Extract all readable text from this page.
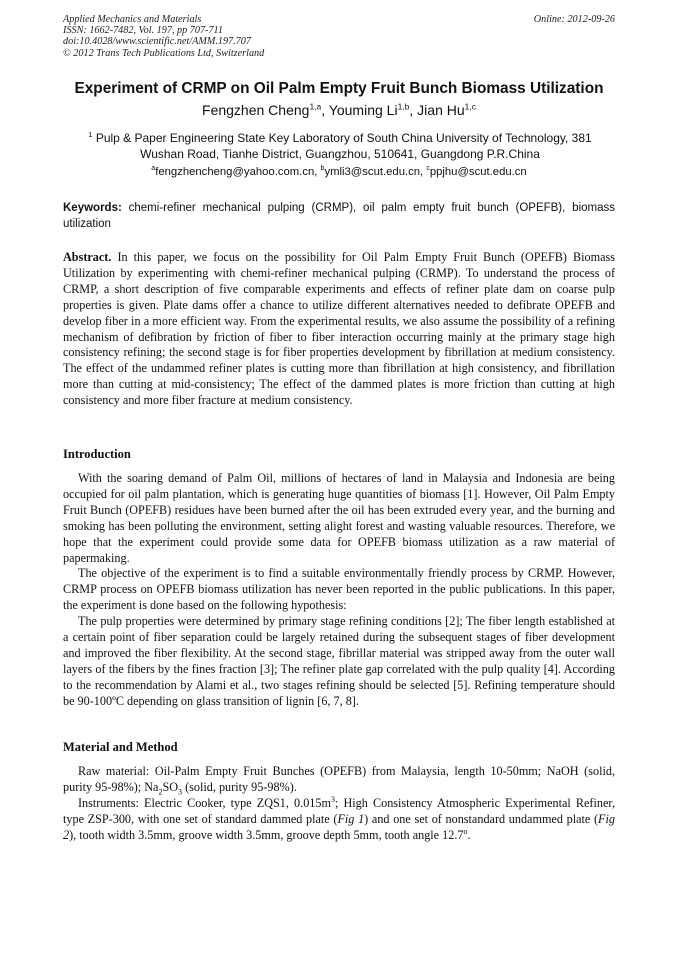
Applied Mechanics and Materials
ISSN: 1662-7482, Vol. 197, pp 707-711
doi:10.4028/www.scientific.net/AMM.197.707
© 2012 Trans Tech Publications Ltd, Switzerland
Online: 2012-09-26
Experiment of CRMP on Oil Palm Empty Fruit Bunch Biomass Utilization
Fengzhen Cheng$^{1,a}$, Youming Li$^{1,b}$, Jian Hu$^{1,c}$
$^1$ Pulp & Paper Engineering State Key Laboratory of South China University of Technology, 381
Wushan Road, Tianhe District, Guangzhou, 510641, Guangdong P.R.China
$^a$fengzhencheng@yahoo.com.cn, $^b$ymli3@scut.edu.cn, $^c$ppjhu@scut.edu.cn
Keywords: chemi-refiner mechanical pulping (CRMP), oil palm empty fruit bunch (OPEFB), biomass utilization

Abstract. In this paper, we focus on the possibility for Oil Palm Empty Fruit Bunch (OPEFB) Biomass Utilization by experimenting with chemi-refiner mechanical pulping (CRMP). To understand the process of CRMP, a short description of five comparable experiments and effects of refiner plate dam on coarse pulp properties is given. Plate dams offer a chance to utilize different alternatives needed to defibrate OPEFB and develop fiber in a more efficient way. From the experimental results, we also assume the possibility of a refining mechanism of defibration by friction of fiber to fiber interaction occurring mainly at the primary stage high consistency refining; the second stage is for fiber properties development by fibrillation at medium consistency. The effect of the undammed refiner plates is cutting more than fibrillation at high consistency, and fibrillation more than cutting at mid-consistency; The effect of the dammed plates is more friction than cutting at high consistency and more fiber fracture at medium consistency.

Introduction

With the soaring demand of Palm Oil, millions of hectares of land in Malaysia and Indonesia are being occupied for oil palm plantation, which is generating huge quantities of biomass [1]. However, Oil Palm Empty Fruit Bunch (OPEFB) residues have been burned after the oil has been extruded every year, and the burning and smoking has been polluting the environment, setting alight forest and wasting valuable resources. Therefore, we hope that the experiment could provide some data for OPEFB biomass utilization as a raw material of papermaking.

The objective of the experiment is to find a suitable environmentally friendly process by CRMP. However, CRMP process on OPEFB biomass utilization has never been reported in the public publications. In this paper, the experiment is done based on the following hypothesis:

The pulp properties were determined by primary stage refining conditions [2]; The fiber length established at a certain point of fiber separation could be largely retained during the subsequent stages of fiber development and improved the fiber flexibility. At the second stage, fibrillar material was stripped away from the outer wall layers of the fibers by the fines fraction [3]; The refiner plate gap correlated with the pulp quality [4]. According to the recommendation by Alami et al., two stages refining should be selected [5]. Refining temperature should be 90-100ºC depending on glass transition of lignin [6, 7, 8].

Material and Method

Raw material: Oil-Palm Empty Fruit Bunches (OPEFB) from Malaysia, length 10-50mm; NaOH (solid, purity 95-98%); $Na_2SO_3$ (solid, purity 95-98%).

Instruments: Electric Cooker, type ZQS1, $0.015m^3$; High Consistency Atmospheric Experimental Refiner, type ZSP-300, with one set of standard dammed plate (Fig 1) and one set of nonstandard undammed plate (Fig 2), tooth width 3.5mm, groove width 3.5mm, groove depth 5mm, tooth angle 12.7$^o$.
